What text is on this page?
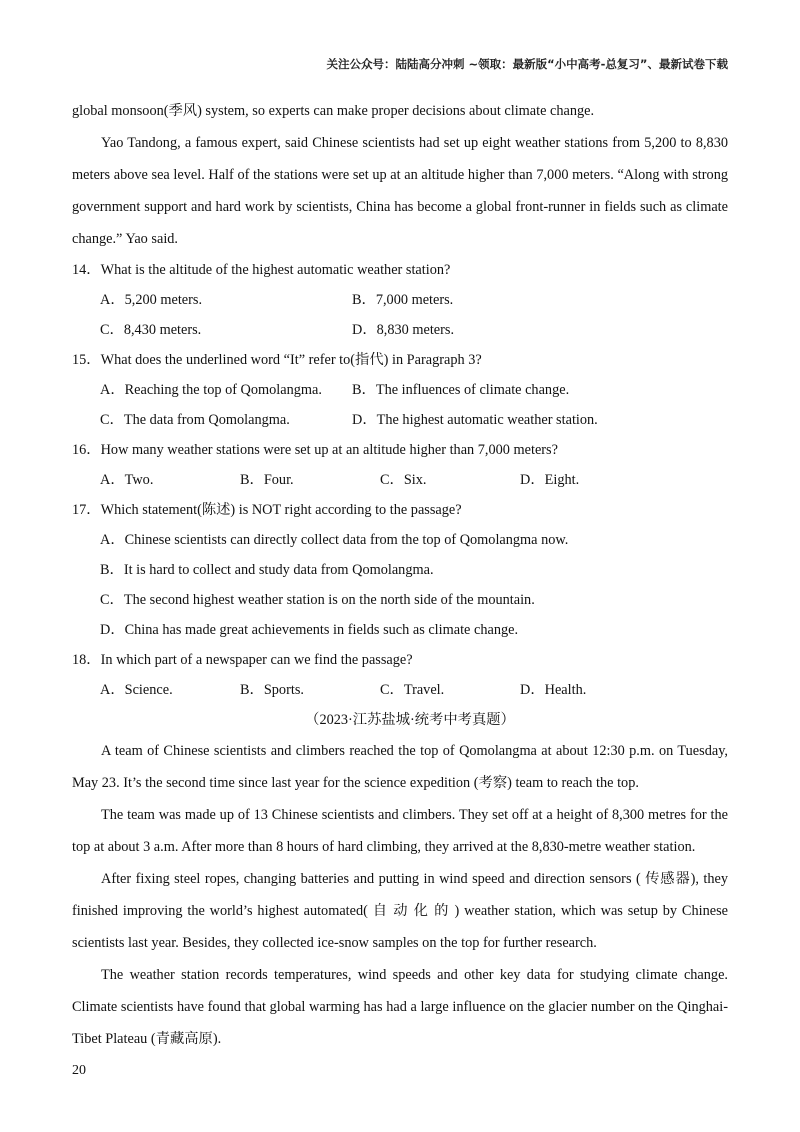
关注公众号：陆陆高分冲刺 ~领取：最新版“小中高考-总复习”、最新试卷下载

global monsoon(季风) system, so experts can make proper decisions about climate change.

Yao Tandong, a famous expert, said Chinese scientists had set up eight weather stations from 5,200 to 8,830 meters above sea level. Half of the stations were set up at an altitude higher than 7,000 meters. “Along with strong government support and hard work by scientists, China has become a global front-runner in fields such as climate change.” Yao said.

14．What is the altitude of the highest automatic weather station?

A．5,200 meters.	B．7,000 meters.
C．8,430 meters.	D．8,830 meters.

15．What does the underlined word “It” refer to(指代) in Paragraph 3?

A．Reaching the top of Qomolangma.	B．The influences of climate change.
C．The data from Qomolangma.	D．The highest automatic weather station.

16．How many weather stations were set up at an altitude higher than 7,000 meters?

A．Two.	B．Four.	C．Six.	D．Eight.

17．Which statement(陈述) is NOT right according to the passage?

A．Chinese scientists can directly collect data from the top of Qomolangma now.

B．It is hard to collect and study data from Qomolangma.

C．The second highest weather station is on the north side of the mountain.

D．China has made great achievements in fields such as climate change.

18．In which part of a newspaper can we find the passage?

A．Science.	B．Sports.	C．Travel.	D．Health.

（2023·江苏盐城·统考中考真题）

A team of Chinese scientists and climbers reached the top of Qomolangma at about 12:30 p.m. on Tuesday, May 23. It’s the second time since last year for the science expedition (考察) team to reach the top.

The team was made up of 13 Chinese scientists and climbers. They set off at a height of 8,300 metres for the top at about 3 a.m. After more than 8 hours of hard climbing, they arrived at the 8,830-metre weather station.

After fixing steel ropes, changing batteries and putting in wind speed and direction sensors ( 传感器), they finished improving the world’s highest automated( 自 动 化 的 ) weather station, which was setup by Chinese scientists last year. Besides, they collected ice-snow samples on the top for further research.

The weather station records temperatures, wind speeds and other key data for studying climate change. Climate scientists have found that global warming has had a large influence on the glacier number on the Qinghai-Tibet Plateau (青藏高原).

20
